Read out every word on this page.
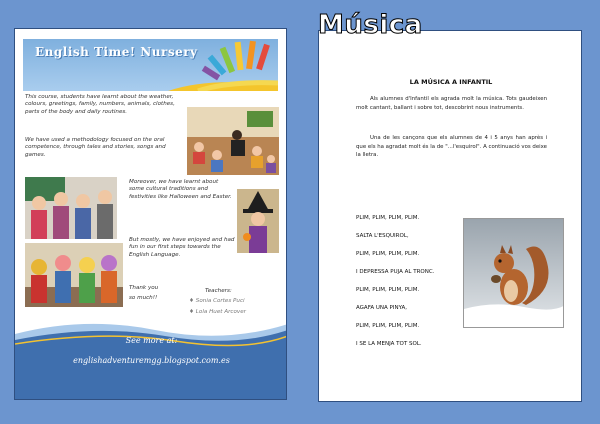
English Time! Nursery
This course, students have learnt about the weather, colours, greetings, family, numbers, animals, clothes, parts of the body and daily routines.
We have used a methodology focused on the oral competence, through tales and stories, songs and games.
Moreover, we have learnt about some cultural traditions and festivities like Halloween and Easter.
But mostly, we have enjoyed and had fun in our first steps towards the English Language.
Thank you
so much!!
Teachers:
♦ Sonia Cortes Puci
♦ Lola Huet Arcover
See more at:
englishadventuremgg.blogspot.com.es
LA MÚSICA A INFANTIL
Als alumnes d'Infantil els agrada molt la música. Tots gaudeixen molt cantant, ballant i sobre tot, descobrint nous instruments.
Una de les cançons que els alumnes de 4 i 5 anys han après i que els ha agradat molt és la de "...l'esquirol". A continuació vos deixe la lletra.
PLIM, PLIM, PLIM, PLIM.
SALTA L'ESQUIROL,
PLIM, PLIM, PLIM, PLIM.
I DEPRESSA PUJA AL TRONC.
PLIM, PLIM, PLIM, PLIM.
AGAFA UNA PINYA,
PLIM, PLIM, PLIM, PLIM.
I SE LA MENJA TOT SOL.
Música
